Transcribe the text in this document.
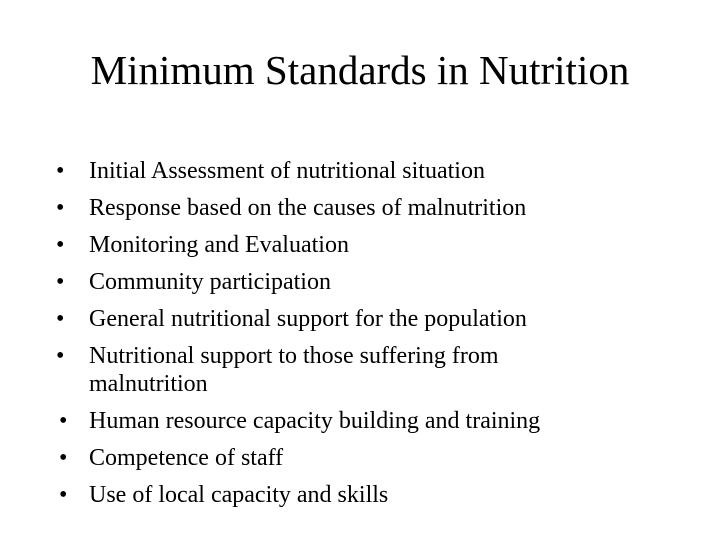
Minimum Standards in Nutrition
• Initial Assessment of nutritional situation
• Response based on the causes of malnutrition
• Monitoring and Evaluation
• Community participation
• General nutritional support for the population
• Nutritional support to those suffering from
malnutrition
• Human resource capacity building and training
• Competence of staff
• Use of local capacity and skills
